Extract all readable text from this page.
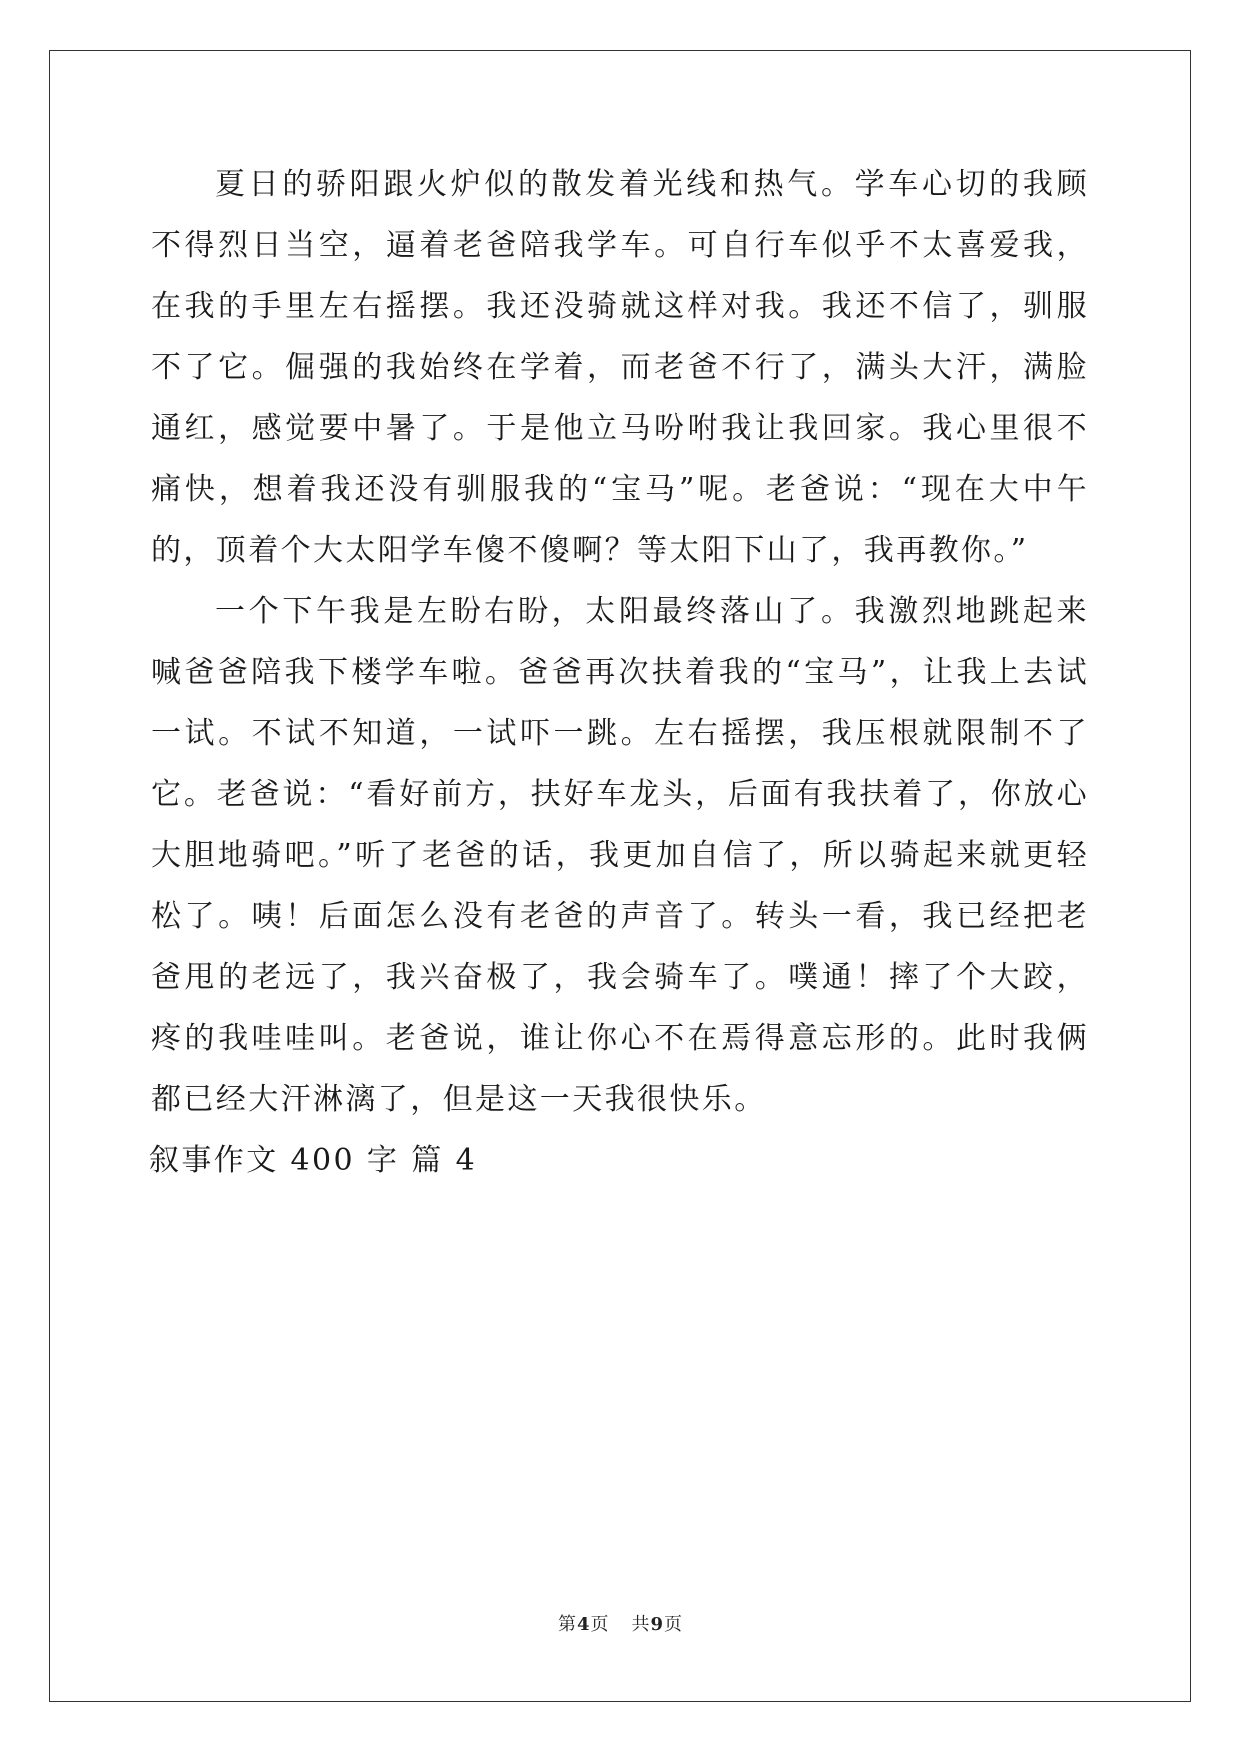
夏日的骄阳跟火炉似的散发着光线和热气。学车心切的我顾不得烈日当空，逼着老爸陪我学车。可自行车似乎不太喜爱我，在我的手里左右摇摆。我还没骑就这样对我。我还不信了，驯服不了它。倔强的我始终在学着，而老爸不行了，满头大汗，满脸通红，感觉要中暑了。于是他立马吩咐我让我回家。我心里很不痛快，想着我还没有驯服我的“宝马”呢。老爸说：“现在大中午的，顶着个大太阳学车傻不傻啊？等太阳下山了，我再教你。”

一个下午我是左盼右盼，太阳最终落山了。我激烈地跳起来喊爸爸陪我下楼学车啦。爸爸再次扶着我的“宝马”，让我上去试一试。不试不知道，一试吓一跳。左右摇摆，我压根就限制不了它。老爸说：“看好前方，扶好车龙头，后面有我扶着了，你放心大胆地骑吧。”听了老爸的话，我更加自信了，所以骑起来就更轻松了。咦！后面怎么没有老爸的声音了。转头一看，我已经把老爸甩的老远了，我兴奋极了，我会骑车了。噗通！摔了个大跤，疼的我哇哇叫。老爸说，谁让你心不在焉得意忘形的。此时我俩都已经大汗淋漓了，但是这一天我很快乐。

叙事作文 400 字 篇 4

第4页 共9页
